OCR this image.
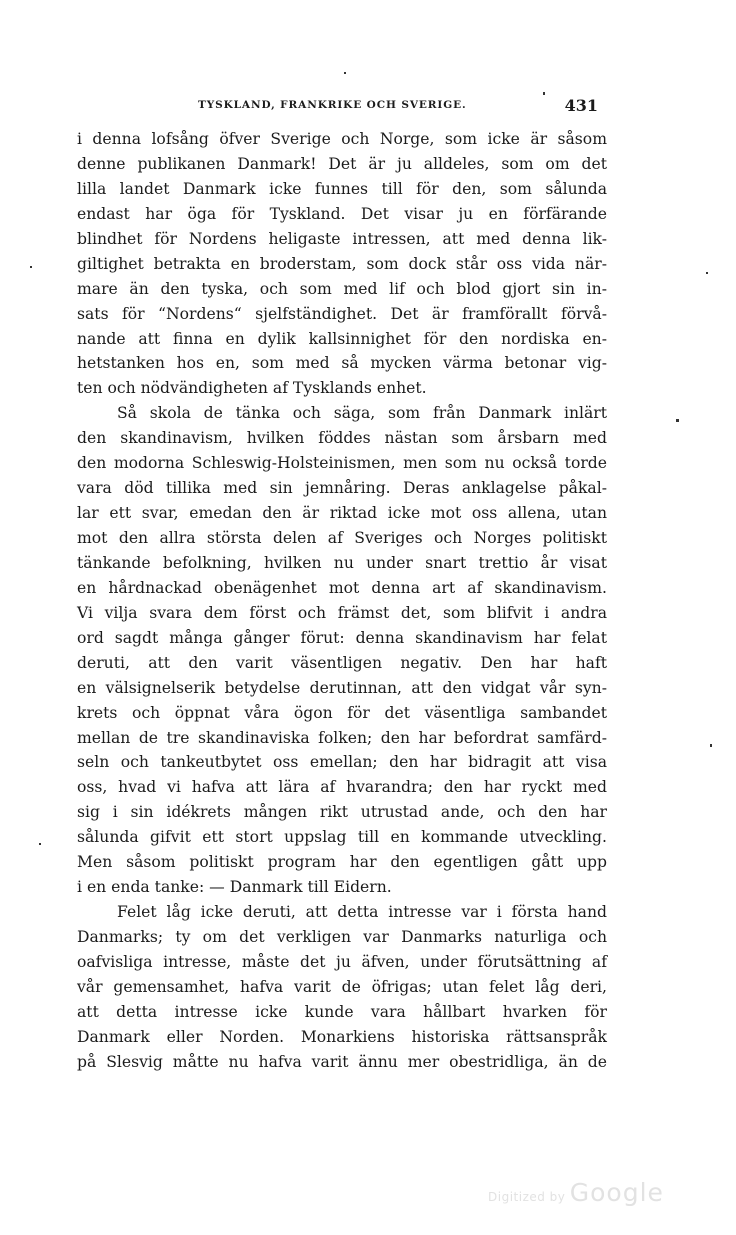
TYSKLAND, FRANKRIKE OCH SVERIGE.	431
i denna lofsång öfver Sverige och Norge, som icke är såsom
denne publikanen Danmark! Det är ju alldeles, som om det
lilla landet Danmark icke funnes till för den, som sålunda
endast har öga för Tyskland. Det visar ju en förfärande
blindhet för Nordens heligaste intressen, att med denna lik-
giltighet betrakta en broderstam, som dock står oss vida när-
mare än den tyska, och som med lif och blod gjort sin in-
sats för “Nordens“ sjelfständighet. Det är framförallt förvå-
nande att finna en dylik kallsinnighet för den nordiska en-
hetstanken hos en, som med så mycken värma betonar vig-
ten och nödvändigheten af Tysklands enhet.
Så skola de tänka och säga, som från Danmark inlärt
den skandinavism, hvilken föddes nästan som årsbarn med
den modorna Schleswig-Holsteinismen, men som nu också torde
vara död tillika med sin jemnåring. Deras anklagelse påkal-
lar ett svar, emedan den är riktad icke mot oss allena, utan
mot den allra största delen af Sveriges och Norges politiskt
tänkande befolkning, hvilken nu under snart trettio år visat
en hårdnackad obenägenhet mot denna art af skandinavism.
Vi vilja svara dem först och främst det, som blifvit i andra
ord sagdt många gånger förut: denna skandinavism har felat
deruti, att den varit väsentligen negativ. Den har haft
en välsignelserik betydelse derutinnan, att den vidgat vår syn-
krets och öppnat våra ögon för det väsentliga sambandet
mellan de tre skandinaviska folken; den har befordrat samfärd-
seln och tankeutbytet oss emellan; den har bidragit att visa
oss, hvad vi hafva att lära af hvarandra; den har ryckt med
sig i sin idékrets mången rikt utrustad ande, och den har
sålunda gifvit ett stort uppslag till en kommande utveckling.
Men såsom politiskt program har den egentligen gått upp
i en enda tanke: — Danmark till Eidern.
Felet låg icke deruti, att detta intresse var i första hand
Danmarks; ty om det verkligen var Danmarks naturliga och
oafvisliga intresse, måste det ju äfven, under förutsättning af
vår gemensamhet, hafva varit de öfrigas; utan felet låg deri,
att detta intresse icke kunde vara hållbart hvarken för
Danmark eller Norden. Monarkiens historiska rättsanspråk
på Slesvig måtte nu hafva varit ännu mer obestridliga, än de
Digitized by Google
